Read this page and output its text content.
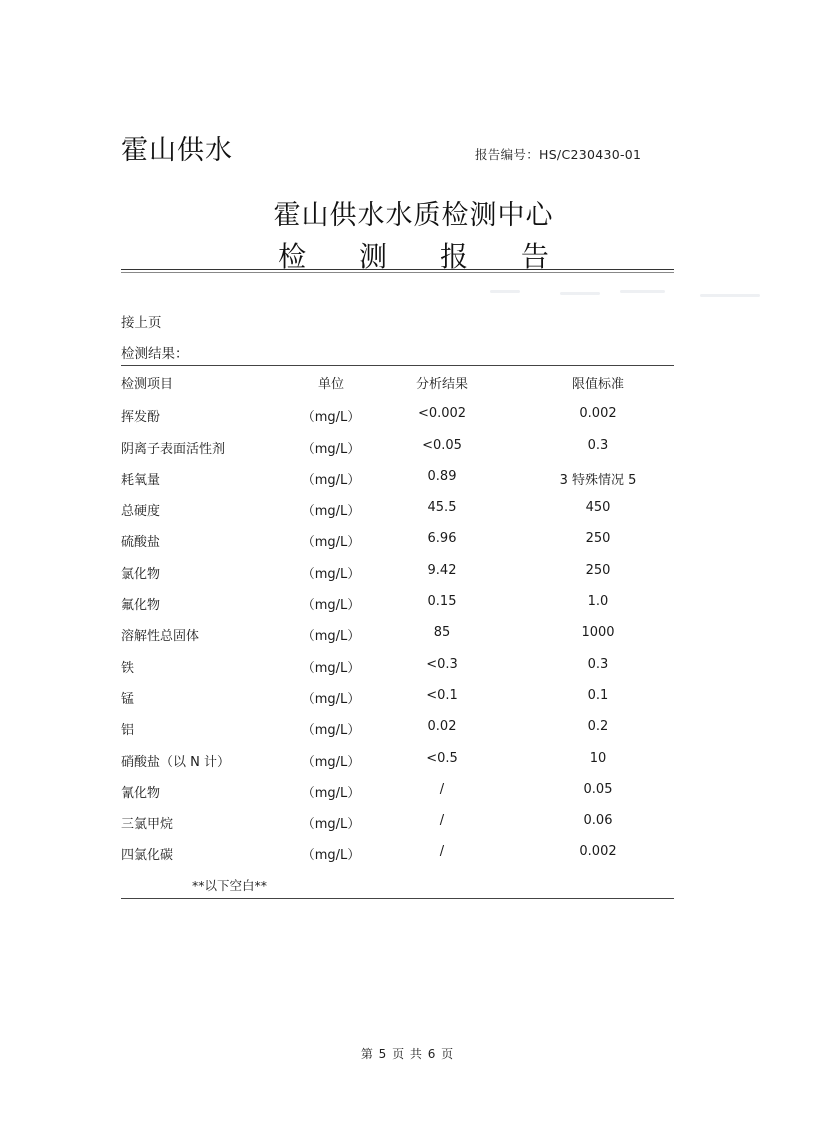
霍山供水	报告编号：HS/C230430-01
霍山供水水质检测中心
检 测 报 告
接上页
检测结果：
检测项目	单位	分析结果	限值标准
挥发酚	（mg/L）	<0.002	0.002
阴离子表面活性剂	（mg/L）	<0.05	0.3
耗氧量	（mg/L）	0.89	3 特殊情况 5
总硬度	（mg/L）	45.5	450
硫酸盐	（mg/L）	6.96	250
氯化物	（mg/L）	9.42	250
氟化物	（mg/L）	0.15	1.0
溶解性总固体	（mg/L）	85	1000
铁	（mg/L）	<0.3	0.3
锰	（mg/L）	<0.1	0.1
铝	（mg/L）	0.02	0.2
硝酸盐（以 N 计）	（mg/L）	<0.5	10
氰化物	（mg/L）	/	0.05
三氯甲烷	（mg/L）	/	0.06
四氯化碳	（mg/L）	/	0.002
**以下空白**
第 5 页 共 6 页
